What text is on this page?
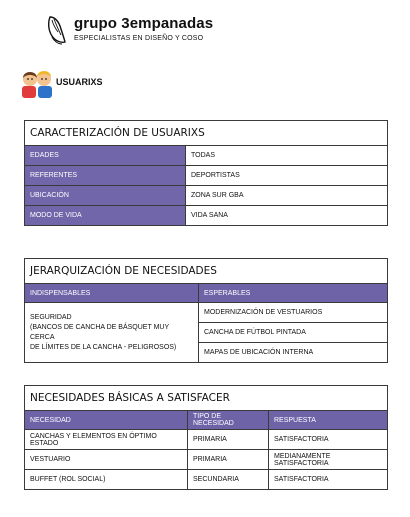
grupo 3empanadas
ESPECIALISTAS EN DISEÑO Y COSO
USUARIXS
CARACTERIZACIÓN DE USUARIXS	
EDADES	TODAS
REFERENTES	DEPORTISTAS
UBICACIÓN	ZONA SUR GBA
MODO DE VIDA	VIDA SANA
JERARQUIZACIÓN DE NECESIDADES	
INDISPENSABLES	ESPERABLES

SEGURIDAD
(BANCOS DE CANCHA DE BÁSQUET MUY CERCA
DE LÍMITES DE LA CANCHA - PELIGROSOS)	MODERNIZACIÓN DE VESTUARIOS
	CANCHA DE FÚTBOL PINTADA
	MAPAS DE UBICACIÓN INTERNA
NECESIDADES BÁSICAS A SATISFACER		
NECESIDAD	TIPO DE NECESIDAD	RESPUESTA
CANCHAS Y ELEMENTOS EN ÓPTIMO ESTADO	PRIMARIA	SATISFACTORIA
VESTUARIO	PRIMARIA	MEDIANAMENTE SATISFACTORIA
BUFFET (ROL SOCIAL)	SECUNDARIA	SATISFACTORIA
